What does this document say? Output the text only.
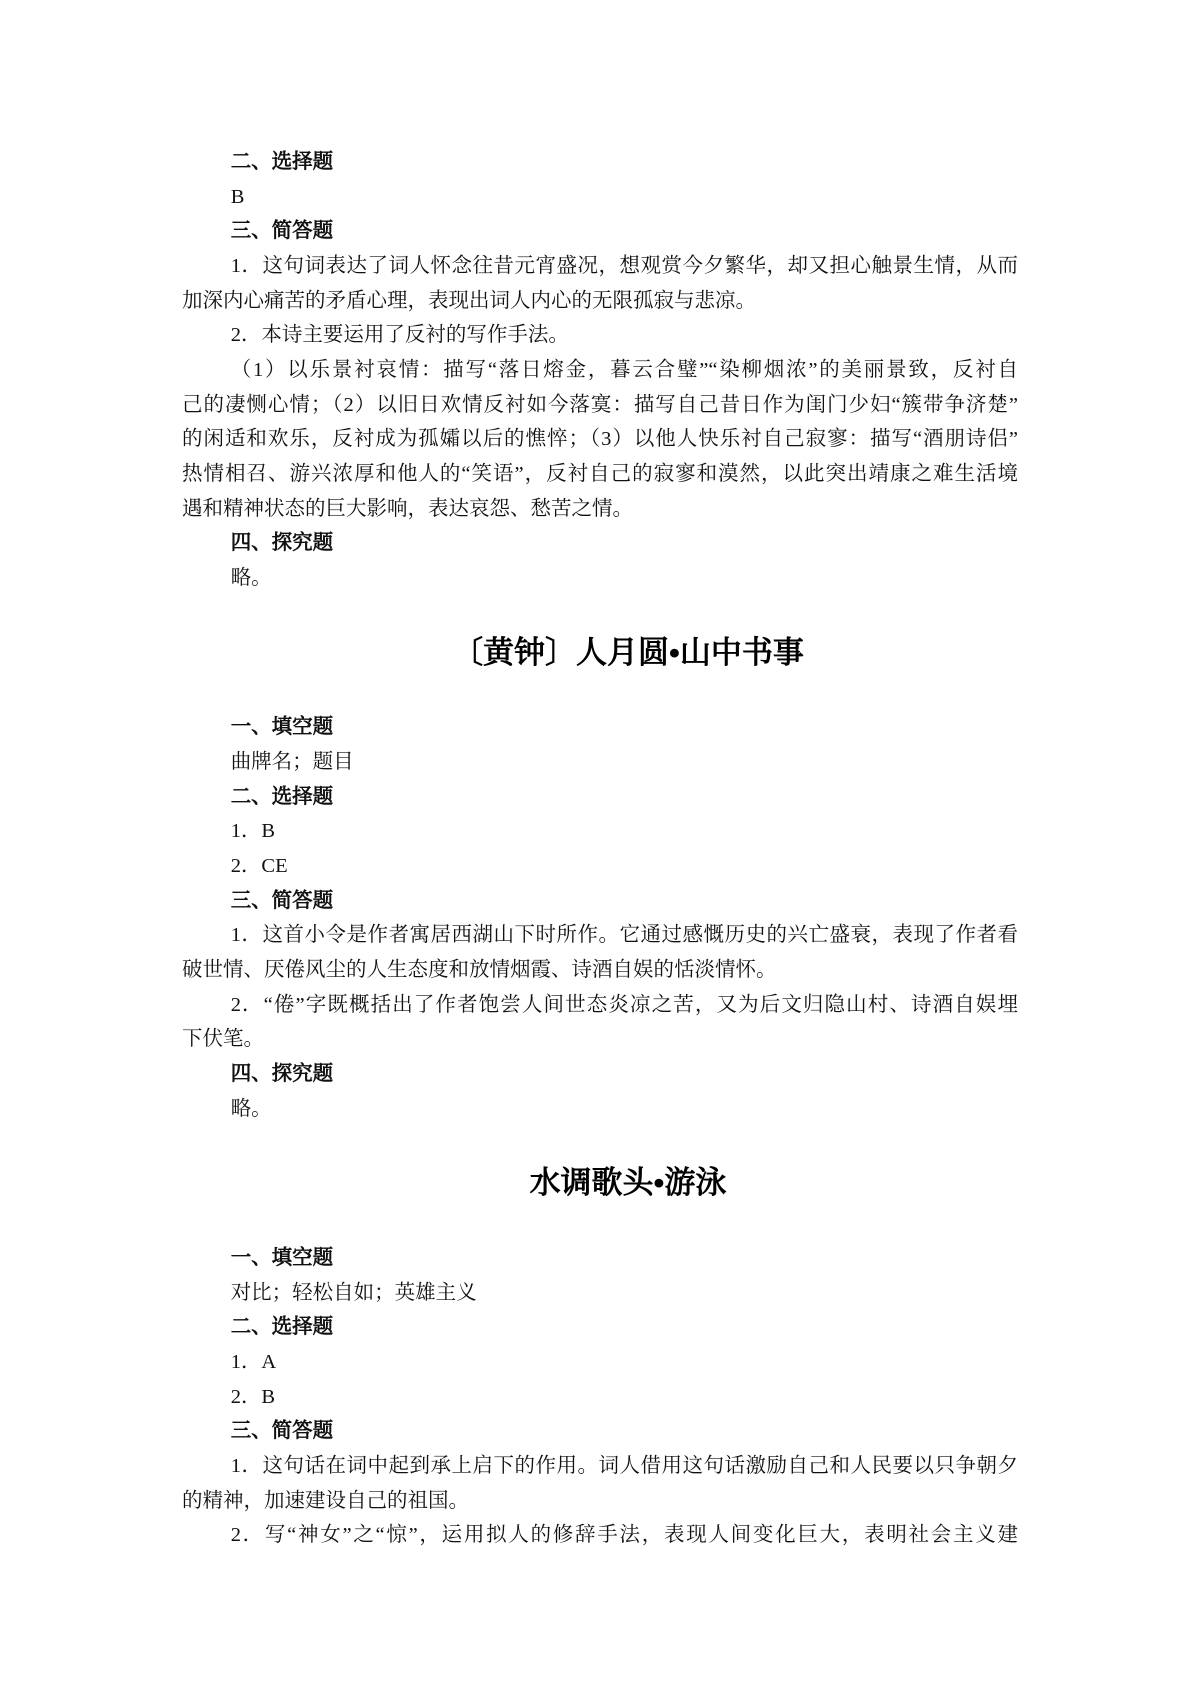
二、选择题
B
三、简答题
1．这句词表达了词人怀念往昔元宵盛况，想观赏今夕繁华，却又担心触景生情，从而
加深内心痛苦的矛盾心理，表现出词人内心的无限孤寂与悲凉。
2．本诗主要运用了反衬的写作手法。
（1）以乐景衬哀情：描写“落日熔金，暮云合璧”“染柳烟浓”的美丽景致，反衬自
己的凄恻心情；（2）以旧日欢情反衬如今落寞：描写自己昔日作为闺门少妇“簇带争济楚”
的闲适和欢乐，反衬成为孤孀以后的憔悴；（3）以他人快乐衬自己寂寥：描写“酒朋诗侣”
热情相召、游兴浓厚和他人的“笑语”，反衬自己的寂寥和漠然，以此突出靖康之难生活境
遇和精神状态的巨大影响，表达哀怨、愁苦之情。
四、探究题
略。
〔黄钟〕人月圆•山中书事
一、填空题
曲牌名；题目
二、选择题
1．B
2．CE
三、简答题
1．这首小令是作者寓居西湖山下时所作。它通过感慨历史的兴亡盛衰，表现了作者看
破世情、厌倦风尘的人生态度和放情烟霞、诗酒自娱的恬淡情怀。
2．“倦”字既概括出了作者饱尝人间世态炎凉之苦，又为后文归隐山村、诗酒自娱埋
下伏笔。
四、探究题
略。
水调歌头•游泳
一、填空题
对比；轻松自如；英雄主义
二、选择题
1．A
2．B
三、简答题
1．这句话在词中起到承上启下的作用。词人借用这句话激励自己和人民要以只争朝夕
的精神，加速建设自己的祖国。
2．写“神女”之“惊”，运用拟人的修辞手法，表现人间变化巨大，表明社会主义建
